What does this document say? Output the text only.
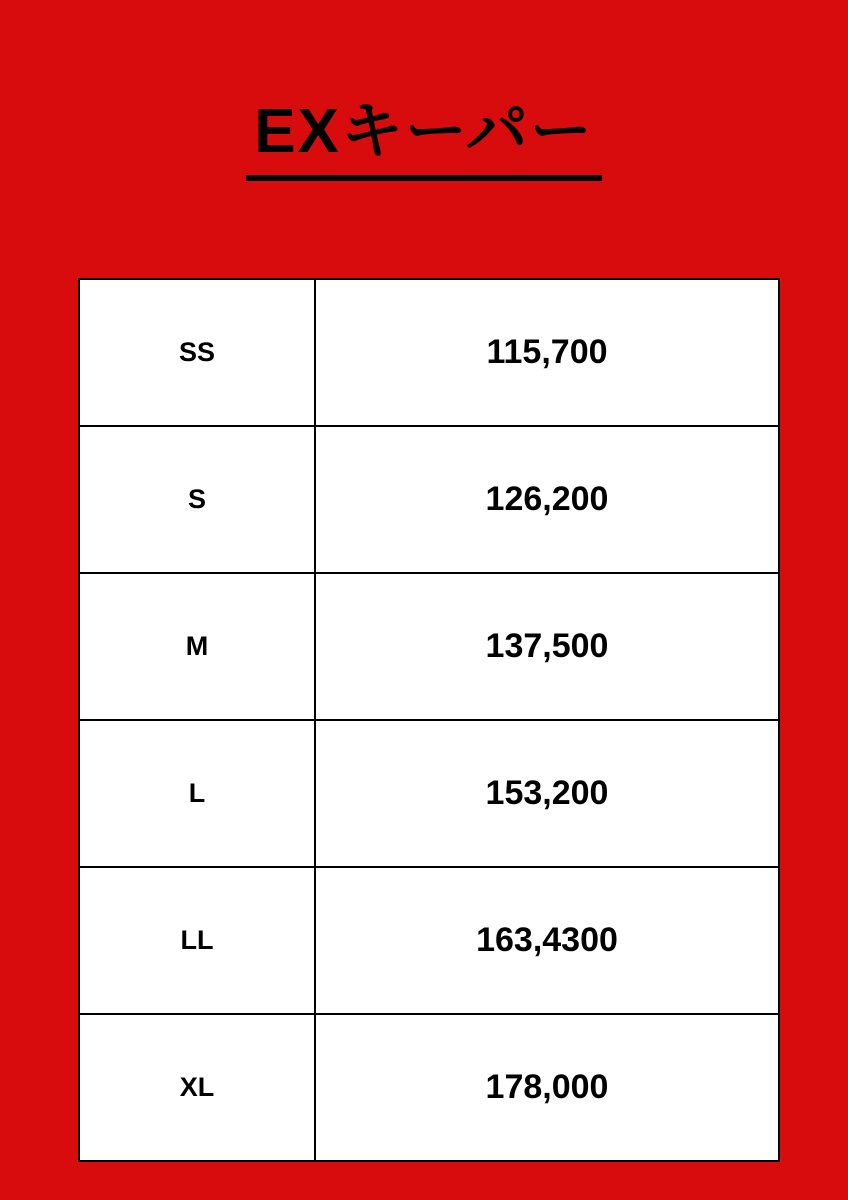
EXキーパー
SS	115,700
S	126,200
M	137,500
L	153,200
LL	163,4300
XL	178,000
